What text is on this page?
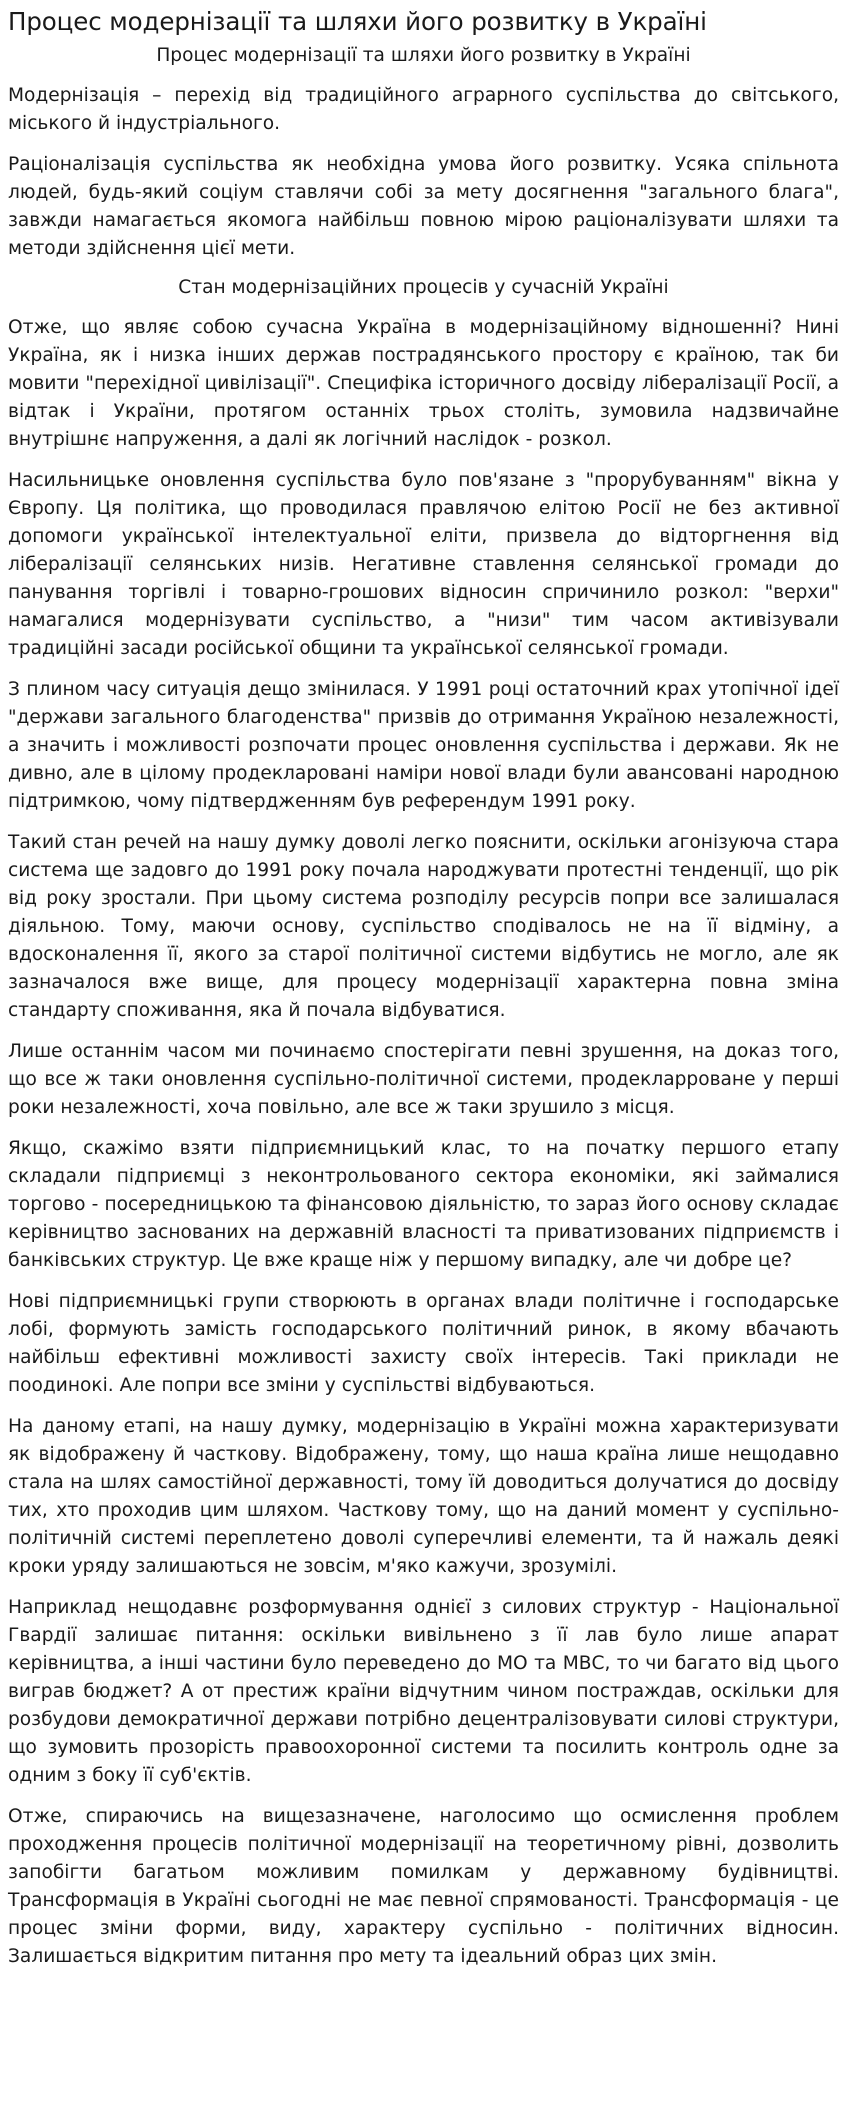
Процес модернізації та шляхи його розвитку в Україні
Процес модернізації та шляхи його розвитку в Україні

Модернізація – перехід від традиційного аграрного суспільства до світського, міського й індустріального.

Раціоналізація суспільства як необхідна умова його розвитку. Усяка спільнота людей, будь-який соціум ставлячи собі за мету досягнення "загального блага", завжди намагається якомога найбільш повною мірою раціоналізувати шляхи та методи здійснення цієї мети.

Стан модернізаційних процесів у сучасній Україні

Отже, що являє собою сучасна Україна в модернізаційному відношенні? Нині Україна, як і низка інших держав пострадянського простору є країною, так би мовити "перехідної цивілізації". Специфіка історичного досвіду лібералізації Росії, а відтак і України, протягом останніх трьох століть, зумовила надзвичайне внутрішнє напруження, а далі як логічний наслідок - розкол.

Насильницьке оновлення суспільства було пов'язане з "прорубуванням" вікна у Європу. Ця політика, що проводилася правлячою елітою Росії не без активної допомоги української інтелектуальної еліти, призвела до відторгнення від лібералізації селянських низів. Негативне ставлення селянської громади до панування торгівлі і товарно-грошових відносин спричинило розкол: "верхи" намагалися модернізувати суспільство, а "низи" тим часом активізували традиційні засади російської общини та української селянської громади.

З плином часу ситуація дещо змінилася. У 1991 році остаточний крах утопічної ідеї "держави загального благоденства" призвів до отримання Україною незалежності, а значить і можливості розпочати процес оновлення суспільства і держави. Як не дивно, але в цілому продекларовані наміри нової влади були авансовані народною підтримкою, чому підтвердженням був референдум 1991 року.

Такий стан речей на нашу думку доволі легко пояснити, оскільки агонізуюча стара система ще задовго до 1991 року почала народжувати протестні тенденції, що рік від року зростали. При цьому система розподілу ресурсів попри все залишалася діяльною. Тому, маючи основу, суспільство сподівалось не на її відміну, а вдосконалення її, якого за старої політичної системи відбутись не могло, але як зазначалося вже вище, для процесу модернізації характерна повна зміна стандарту споживання, яка й почала відбуватися.

Лише останнім часом ми починаємо спостерігати певні зрушення, на доказ того, що все ж таки оновлення суспільно-політичної системи, продекларроване у перші роки незалежності, хоча повільно, але все ж таки зрушило з місця.

Якщо, скажімо взяти підприємницький клас, то на початку першого етапу складали підприємці з неконтрольованого сектора економіки, які займалися торгово - посередницькою та фінансовою діяльністю, то зараз його основу складає керівництво заснованих на державній власності та приватизованих підприємств і банківських структур. Це вже краще ніж у першому випадку, але чи добре це?

Нові підприємницькі групи створюють в органах влади політичне і господарське лобі, формують замість господарського політичний ринок, в якому вбачають найбільш ефективні можливості захисту своїх інтересів. Такі приклади не поодинокі. Але попри все зміни у суспільстві відбуваються.

На даному етапі, на нашу думку, модернізацію в Україні можна характеризувати як відображену й часткову. Відображену, тому, що наша країна лише нещодавно стала на шлях самостійної державності, тому їй доводиться долучатися до досвіду тих, хто проходив цим шляхом. Часткову тому, що на даний момент у суспільно-політичній системі переплетено доволі суперечливі елементи, та й нажаль деякі кроки уряду залишаються не зовсім, м'яко кажучи, зрозумілі.

Наприклад нещодавнє розформування однієї з силових структур - Національної Гвардії залишає питання: оскільки вивільнено з її лав було лише апарат керівництва, а інші частини було переведено до МО та МВС, то чи багато від цього виграв бюджет? А от престиж країни відчутним чином постраждав, оскільки для розбудови демократичної держави потрібно децентралізовувати силові структури, що зумовить прозорість правоохоронної системи та посилить контроль одне за одним з боку її суб'єктів.

Отже, спираючись на вищезазначене, наголосимо що осмислення проблем проходження процесів політичної модернізації на теоретичному рівні, дозволить запобігти багатьом можливим помилкам у державному будівництві. Трансформація в Україні сьогодні не має певної спрямованості. Трансформація - це процес зміни форми, виду, характеру суспільно - політичних відносин. Залишається відкритим питання про мету та ідеальний образ цих змін.
